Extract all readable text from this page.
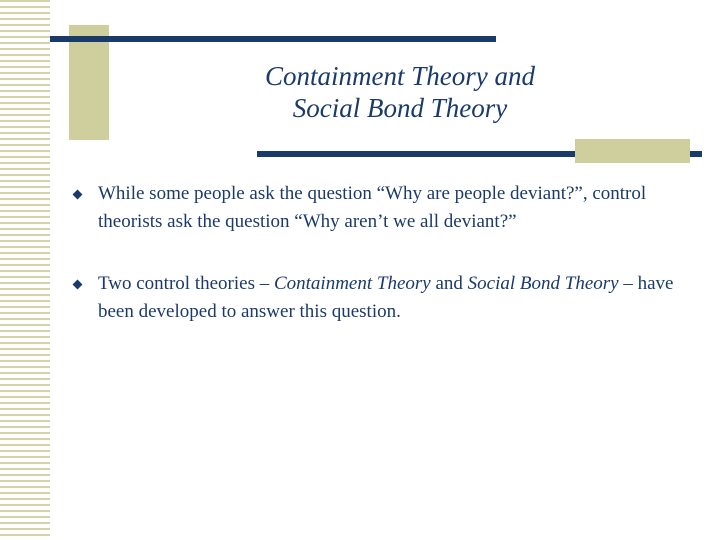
Containment Theory and
Social Bond Theory
While some people ask the question “Why are people deviant?”, control theorists ask the question “Why aren’t we all deviant?”
Two control theories – Containment Theory and Social Bond Theory – have been developed to answer this question.
